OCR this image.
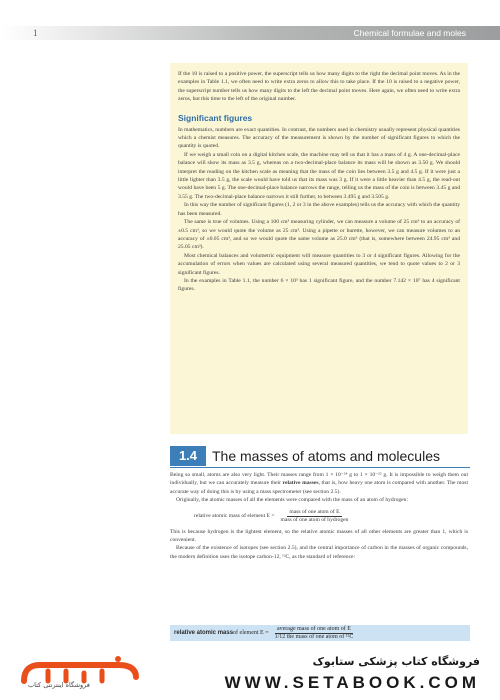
1	Chemical formulae and moles

If the 10 is raised to a positive power, the superscript tells us how many digits to the right the decimal point moves. As in the examples in Table 1.1, we often need to write extra zeros to allow this to take place. If the 10 is raised to a negative power, the superscript number tells us how many digits to the left the decimal point moves. Here again, we often need to write extra zeros, but this time to the left of the original number.

Significant figures

In mathematics, numbers are exact quantities. In contrast, the numbers used in chemistry usually represent physical quantities which a chemist measures. The accuracy of the measurement is shown by the number of significant figures to which the quantity is quoted.

If we weigh a small coin on a digital kitchen scale, the machine may tell us that it has a mass of 4 g. A one-decimal-place balance will show its mass as 3.5 g, whereas on a two-decimal-place balance its mass will be shown as 3.50 g. We should interpret the reading on the kitchen scale as meaning that the mass of the coin lies between 3.5 g and 4.5 g. If it were just a little lighter than 3.5 g, the scale would have told us that its mass was 3 g. If it were a little heavier than 4.5 g, the read-out would have been 5 g. The one-decimal-place balance narrows the range, telling us the mass of the coin is between 3.45 g and 3.55 g. The two-decimal-place balance narrows it still further, to between 3.495 g and 3.505 g.

In this way the number of significant figures (1, 2 or 3 in the above examples) tells us the accuracy with which the quantity has been measured.

The same is true of volumes. Using a 100 cm³ measuring cylinder, we can measure a volume of 25 cm³ to an accuracy of ±0.5 cm³, so we would quote the volume as 25 cm³. Using a pipette or burette, however, we can measure volumes to an accuracy of ±0.05 cm³, and so we would quote the same volume as 25.0 cm³ (that is, somewhere between 24.95 cm³ and 25.05 cm³).

Most chemical balances and volumetric equipment will measure quantities to 3 or 4 significant figures. Allowing for the accumulation of errors when values are calculated using several measured quantities, we tend to quote values to 2 or 3 significant figures.

In the examples in Table 1.1, the number 6 × 10³ has 1 significant figure, and the number 7.142 × 10⁷ has 4 significant figures.

1.4	The masses of atoms and molecules

Being so small, atoms are also very light. Their masses range from 1 × 10⁻²⁴ g to 1 × 10⁻²² g. It is impossible to weigh them out individually, but we can accurately measure their relative masses, that is, how heavy one atom is compared with another. The most accurate way of doing this is by using a mass spectrometer (see section 2.5).

Originally, the atomic masses of all the elements were compared with the mass of an atom of hydrogen:

relative atomic mass of element $E = \frac{\text{mass of one atom of E}}{\text{mass of one atom of hydrogen}}$

This is because hydrogen is the lightest element, so the relative atomic masses of all other elements are greater than 1, which is convenient.

Because of the existence of isotopes (see section 2.5), and the central importance of carbon in the masses of organic compounds, the modern definition uses the isotope carbon-12, ¹²C, as the standard of reference:

relative atomic mass of element $E = \frac{\text{average mass of one atom of E}}{\text{1/12 the mass of one atom of ¹²C}}$
فروشگاه اینترنتی کتاب
فروشگاه کتاب پزشکی ستابوک
WWW.SETABOOK.COM
